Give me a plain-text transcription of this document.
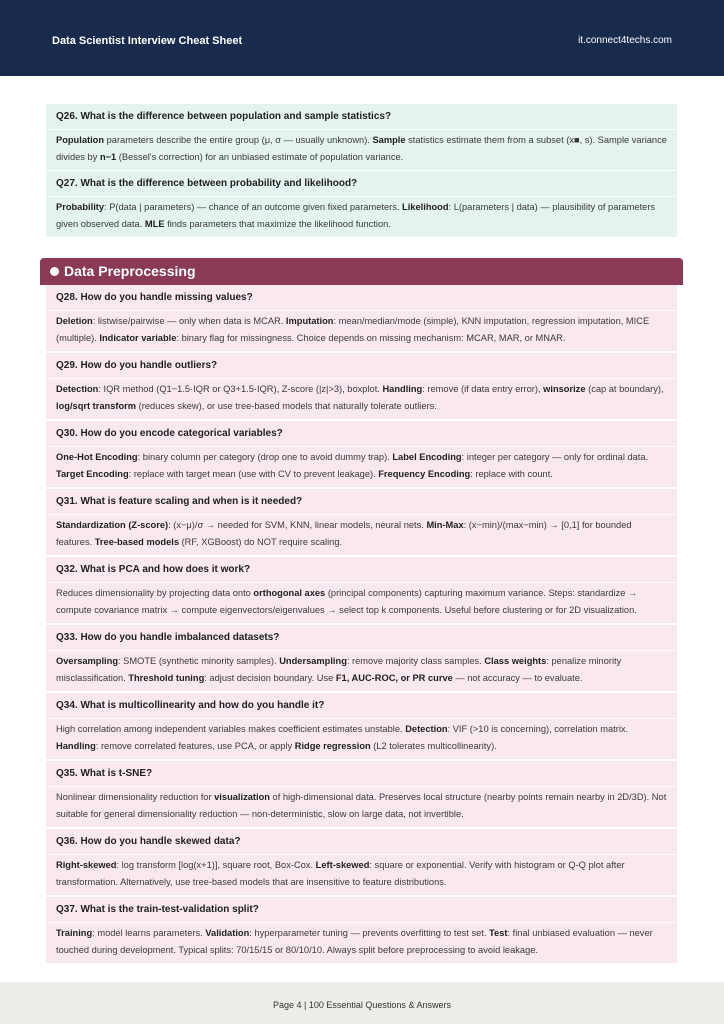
Data Scientist Interview Cheat Sheet	it.connect4techs.com
Q26. What is the difference between population and sample statistics?
Population parameters describe the entire group (μ, σ — usually unknown). Sample statistics estimate them from a subset (x■, s). Sample variance divides by n−1 (Bessel's correction) for an unbiased estimate of population variance.
Q27. What is the difference between probability and likelihood?
Probability: P(data | parameters) — chance of an outcome given fixed parameters. Likelihood: L(parameters | data) — plausibility of parameters given observed data. MLE finds parameters that maximize the likelihood function.
Data Preprocessing
Q28. How do you handle missing values?
Deletion: listwise/pairwise — only when data is MCAR. Imputation: mean/median/mode (simple), KNN imputation, regression imputation, MICE (multiple). Indicator variable: binary flag for missingness. Choice depends on missing mechanism: MCAR, MAR, or MNAR.
Q29. How do you handle outliers?
Detection: IQR method (Q1−1.5·IQR or Q3+1.5·IQR), Z-score (|z|>3), boxplot. Handling: remove (if data entry error), winsorize (cap at boundary), log/sqrt transform (reduces skew), or use tree-based models that naturally tolerate outliers.
Q30. How do you encode categorical variables?
One-Hot Encoding: binary column per category (drop one to avoid dummy trap). Label Encoding: integer per category — only for ordinal data. Target Encoding: replace with target mean (use with CV to prevent leakage). Frequency Encoding: replace with count.
Q31. What is feature scaling and when is it needed?
Standardization (Z-score): (x−μ)/σ → needed for SVM, KNN, linear models, neural nets. Min-Max: (x−min)/(max−min) → [0,1] for bounded features. Tree-based models (RF, XGBoost) do NOT require scaling.
Q32. What is PCA and how does it work?
Reduces dimensionality by projecting data onto orthogonal axes (principal components) capturing maximum variance. Steps: standardize → compute covariance matrix → compute eigenvectors/eigenvalues → select top k components. Useful before clustering or for 2D visualization.
Q33. How do you handle imbalanced datasets?
Oversampling: SMOTE (synthetic minority samples). Undersampling: remove majority class samples. Class weights: penalize minority misclassification. Threshold tuning: adjust decision boundary. Use F1, AUC-ROC, or PR curve — not accuracy — to evaluate.
Q34. What is multicollinearity and how do you handle it?
High correlation among independent variables makes coefficient estimates unstable. Detection: VIF (>10 is concerning), correlation matrix. Handling: remove correlated features, use PCA, or apply Ridge regression (L2 tolerates multicollinearity).
Q35. What is t-SNE?
Nonlinear dimensionality reduction for visualization of high-dimensional data. Preserves local structure (nearby points remain nearby in 2D/3D). Not suitable for general dimensionality reduction — non-deterministic, slow on large data, not invertible.
Q36. How do you handle skewed data?
Right-skewed: log transform [log(x+1)], square root, Box-Cox. Left-skewed: square or exponential. Verify with histogram or Q-Q plot after transformation. Alternatively, use tree-based models that are insensitive to feature distributions.
Q37. What is the train-test-validation split?
Training: model learns parameters. Validation: hyperparameter tuning — prevents overfitting to test set. Test: final unbiased evaluation — never touched during development. Typical splits: 70/15/15 or 80/10/10. Always split before preprocessing to avoid leakage.
Page 4 | 100 Essential Questions & Answers
